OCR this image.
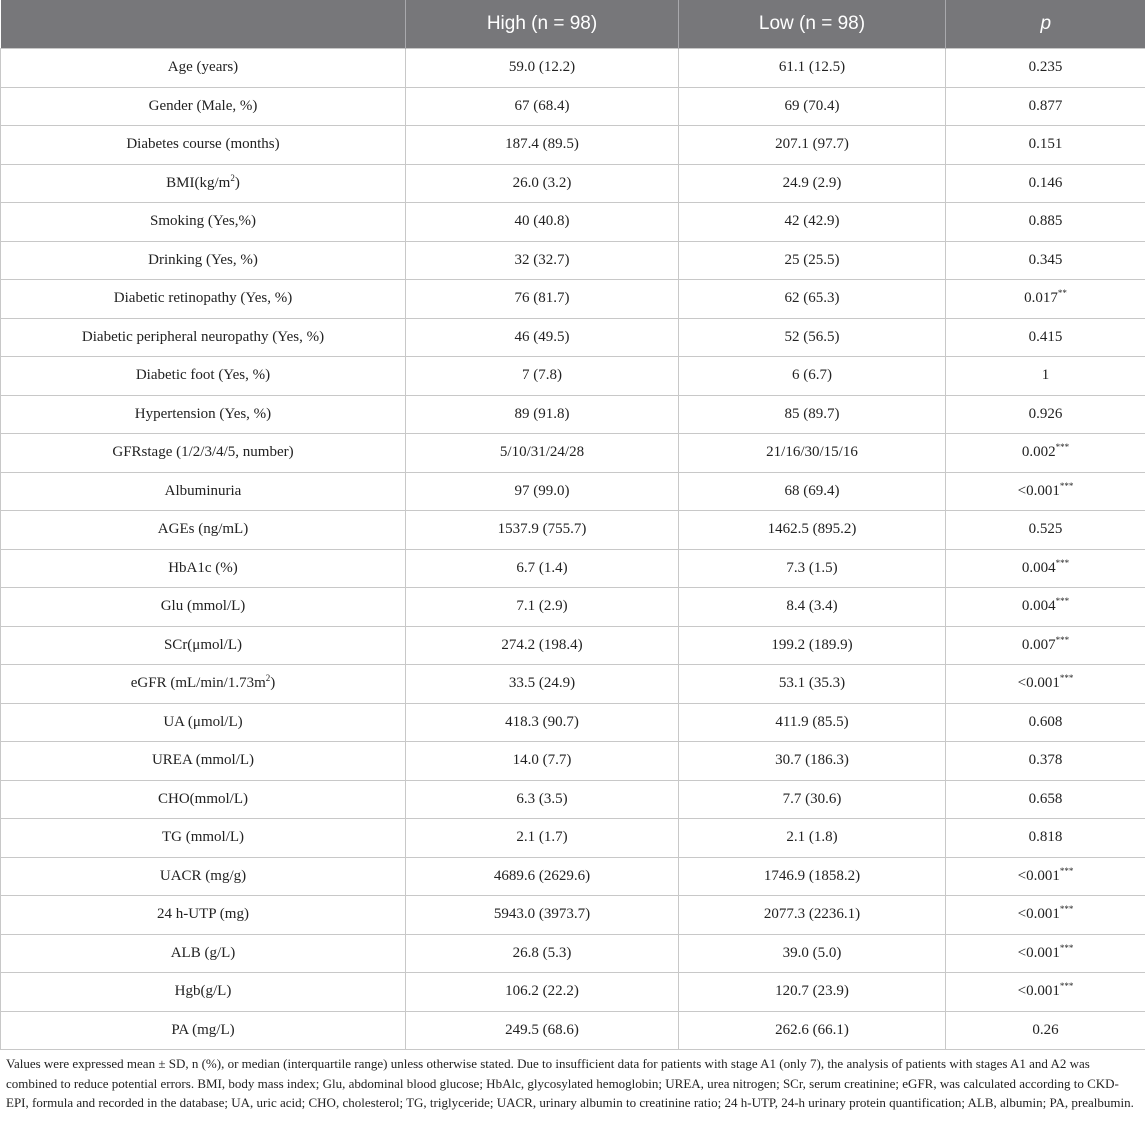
	High (n = 98)	Low (n = 98)	p
Age (years)	59.0 (12.2)	61.1 (12.5)	0.235
Gender (Male, %)	67 (68.4)	69 (70.4)	0.877
Diabetes course (months)	187.4 (89.5)	207.1 (97.7)	0.151
$BMI(kg/m^2)$	26.0 (3.2)	24.9 (2.9)	0.146
Smoking (Yes,%)	40 (40.8)	42 (42.9)	0.885
Drinking (Yes, %)	32 (32.7)	25 (25.5)	0.345
Diabetic retinopathy (Yes, %)	76 (81.7)	62 (65.3)	0.017**
Diabetic peripheral neuropathy (Yes, %)	46 (49.5)	52 (56.5)	0.415
Diabetic foot (Yes, %)	7 (7.8)	6 (6.7)	1
Hypertension (Yes, %)	89 (91.8)	85 (89.7)	0.926
GFRstage (1/2/3/4/5, number)	5/10/31/24/28	21/16/30/15/16	0.002***
Albuminuria	97 (99.0)	68 (69.4)	<0.001***
AGEs (ng/mL)	1537.9 (755.7)	1462.5 (895.2)	0.525
HbA1c (%)	6.7 (1.4)	7.3 (1.5)	0.004***
Glu (mmol/L)	7.1 (2.9)	8.4 (3.4)	0.004***
SCr(μmol/L)	274.2 (198.4)	199.2 (189.9)	0.007***
eGFR $(mL/\min/1.73m^2)$	33.5 (24.9)	53.1 (35.3)	<0.001***
UA (μmol/L)	418.3 (90.7)	411.9 (85.5)	0.608
UREA (mmol/L)	14.0 (7.7)	30.7 (186.3)	0.378
CHO(mmol/L)	6.3 (3.5)	7.7 (30.6)	0.658
TG (mmol/L)	2.1 (1.7)	2.1 (1.8)	0.818
UACR (mg/g)	4689.6 (2629.6)	1746.9 (1858.2)	<0.001***
24 h-UTP (mg)	5943.0 (3973.7)	2077.3 (2236.1)	<0.001***
ALB (g/L)	26.8 (5.3)	39.0 (5.0)	<0.001***
Hgb(g/L)	106.2 (22.2)	120.7 (23.9)	<0.001***
PA (mg/L)	249.5 (68.6)	262.6 (66.1)	0.26
Values were expressed mean ± SD, n (%), or median (interquartile range) unless otherwise stated. Due to insufficient data for patients with stage A1 (only 7), the analysis of patients with stages A1 and A2 was combined to reduce potential errors. BMI, body mass index; Glu, abdominal blood glucose; HbAlc, glycosylated hemoglobin; UREA, urea nitrogen; SCr, serum creatinine; eGFR, was calculated according to CKD-EPI, formula and recorded in the database; UA, uric acid; CHO, cholesterol; TG, triglyceride; UACR, urinary albumin to creatinine ratio; 24 h-UTP, 24-h urinary protein quantification; ALB, albumin; PA, prealbumin.
